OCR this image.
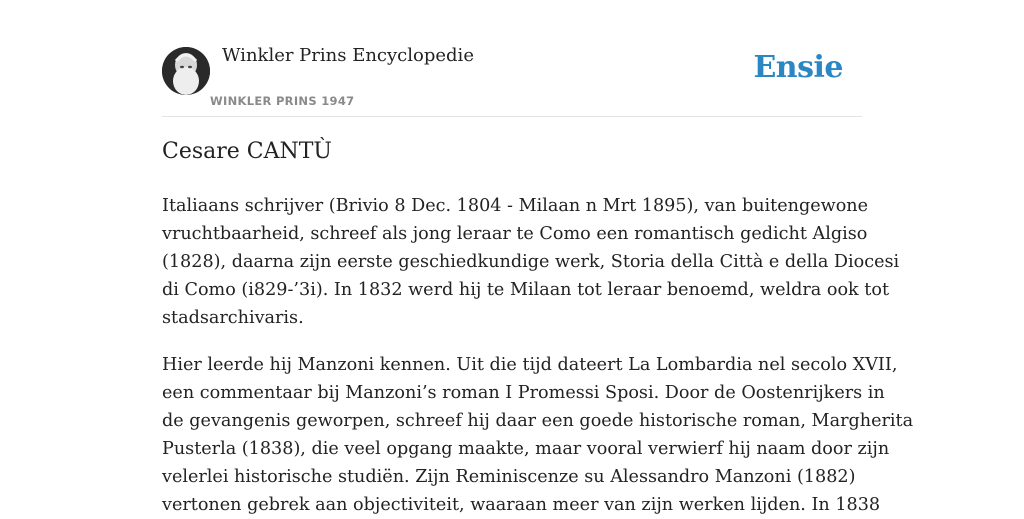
Winkler Prins Encyclopedie
WINKLER PRINS 1947
Ensie
Cesare CANTÙ
Italiaans schrijver (Brivio 8 Dec. 1804 - Milaan n Mrt 1895), van buitengewone
vruchtbaarheid, schreef als jong leraar te Como een romantisch gedicht Algiso
(1828), daarna zijn eerste geschiedkundige werk, Storia della Città e della Diocesi
di Como (i829-’3i). In 1832 werd hij te Milaan tot leraar benoemd, weldra ook tot
stadsarchivaris.
Hier leerde hij Manzoni kennen. Uit die tijd dateert La Lombardia nel secolo XVII,
een commentaar bij Manzoni’s roman I Promessi Sposi. Door de Oostenrijkers in
de gevangenis geworpen, schreef hij daar een goede historische roman, Margherita
Pusterla (1838), die veel opgang maakte, maar vooral verwierf hij naam door zijn
velerlei historische studiën. Zijn Reminiscenze su Alessandro Manzoni (1882)
vertonen gebrek aan objectiviteit, waaraan meer van zijn werken lijden. In 1838
